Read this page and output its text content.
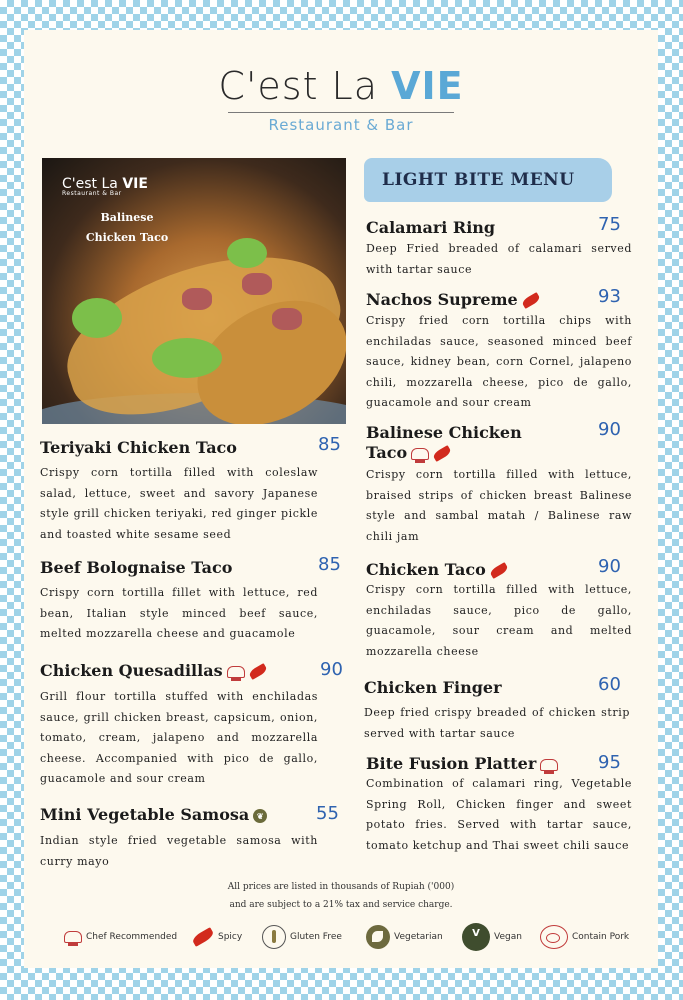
C'est La VIE
Restaurant & Bar
C'est La VIE
Restaurant & Bar
Balinese
Chicken Taco
LIGHT BITE MENU
Teriyaki Chicken Taco	85
Crispy corn tortilla filled with coleslaw salad, lettuce, sweet and savory Japanese style grill chicken teriyaki, red ginger pickle and toasted white sesame seed
Beef Bolognaise Taco	85
Crispy corn tortilla fillet with lettuce, red bean, Italian style minced beef sauce, melted mozzarella cheese and guacamole
Chicken Quesadillas	90
Grill flour tortilla stuffed with enchiladas sauce, grill chicken breast, capsicum, onion, tomato, cream, jalapeno and mozzarella cheese. Accompanied with pico de gallo, guacamole and sour cream
Mini Vegetable Samosa ❦	55
Indian style fried vegetable samosa with curry mayo
Calamari Ring	75
Deep Fried breaded of calamari served with tartar sauce
Nachos Supreme	93
Crispy fried corn tortilla chips with enchiladas sauce, seasoned minced beef sauce, kidney bean, corn Cornel, jalapeno chili, mozzarella cheese, pico de gallo, guacamole and sour cream
Balinese Chicken
Taco
90
Crispy corn tortilla filled with lettuce, braised strips of chicken breast Balinese style and sambal matah / Balinese raw chili jam
Chicken Taco	90
Crispy corn tortilla filled with lettuce, enchiladas sauce, pico de gallo, guacamole, sour cream and melted mozzarella cheese
Chicken Finger	60
Deep fried crispy breaded of chicken strip served with tartar sauce
Bite Fusion Platter	95
Combination of calamari ring, Vegetable Spring Roll, Chicken finger and sweet potato fries. Served with tartar sauce, tomato ketchup and Thai sweet chili sauce
All prices are listed in thousands of Rupiah ('000)
and are subject to a 21% tax and service charge.
Chef Recommended	Spicy	Gluten Free	Vegetarian V	Vegan	Contain Pork
